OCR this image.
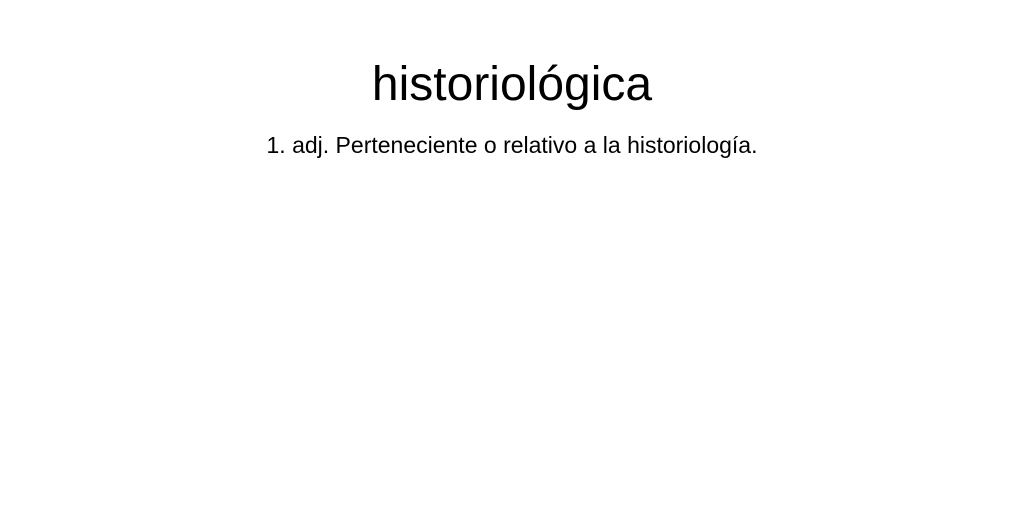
historiológica

1. adj. Perteneciente o relativo a la historiología.
